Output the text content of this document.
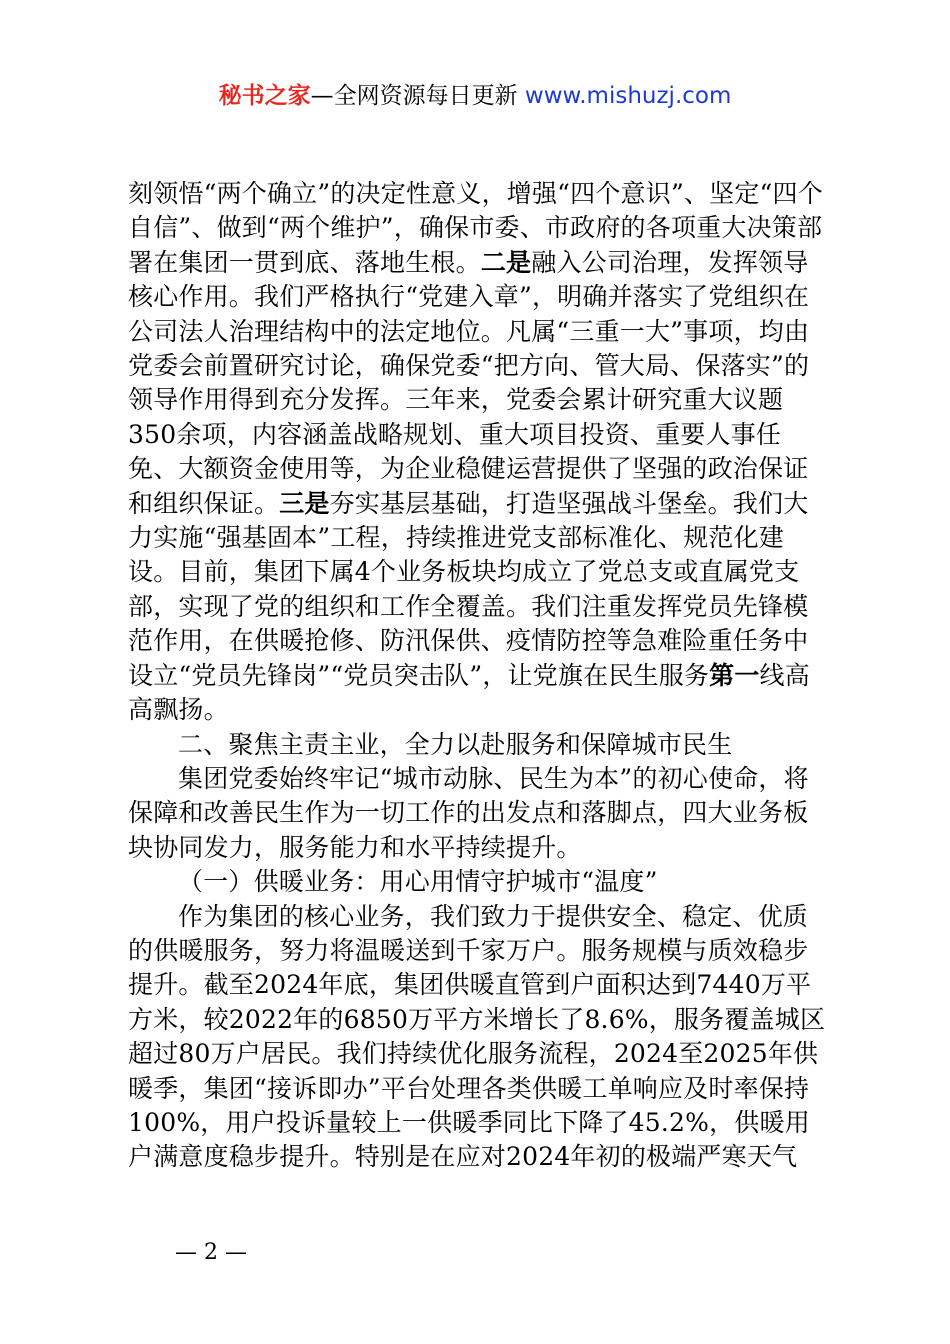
秘书之家—全网资源每日更新 www.mishuzj.com

刻领悟“两个确立”的决定性意义，增强“四个意识”、坚定“四个自信”、做到“两个维护”，确保市委、市政府的各项重大决策部署在集团一贯到底、落地生根。二是融入公司治理，发挥领导核心作用。我们严格执行“党建入章”，明确并落实了党组织在公司法人治理结构中的法定地位。凡属“三重一大”事项，均由党委会前置研究讨论，确保党委“把方向、管大局、保落实”的领导作用得到充分发挥。三年来，党委会累计研究重大议题350余项，内容涵盖战略规划、重大项目投资、重要人事任免、大额资金使用等，为企业稳健运营提供了坚强的政治保证和组织保证。三是夯实基层基础，打造坚强战斗堡垒。我们大力实施“强基固本”工程，持续推进党支部标准化、规范化建设。目前，集团下属4个业务板块均成立了党总支或直属党支部，实现了党的组织和工作全覆盖。我们注重发挥党员先锋模范作用，在供暖抢修、防汛保供、疫情防控等急难险重任务中设立“党员先锋岗”“党员突击队”，让党旗在民生服务第一线高高飘扬。

二、聚焦主责主业，全力以赴服务和保障城市民生

集团党委始终牢记“城市动脉、民生为本”的初心使命，将保障和改善民生作为一切工作的出发点和落脚点，四大业务板块协同发力，服务能力和水平持续提升。

（一）供暖业务：用心用情守护城市“温度”

作为集团的核心业务，我们致力于提供安全、稳定、优质的供暖服务，努力将温暖送到千家万户。服务规模与质效稳步提升。截至2024年底，集团供暖直管到户面积达到7440万平方米，较2022年的6850万平方米增长了8.6%，服务覆盖城区超过80万户居民。我们持续优化服务流程，2024至2025年供暖季，集团“接诉即办”平台处理各类供暖工单响应及时率保持100%，用户投诉量较上一供暖季同比下降了45.2%，供暖用户满意度稳步提升。特别是在应对2024年初的极端严寒天气

— 2 —
